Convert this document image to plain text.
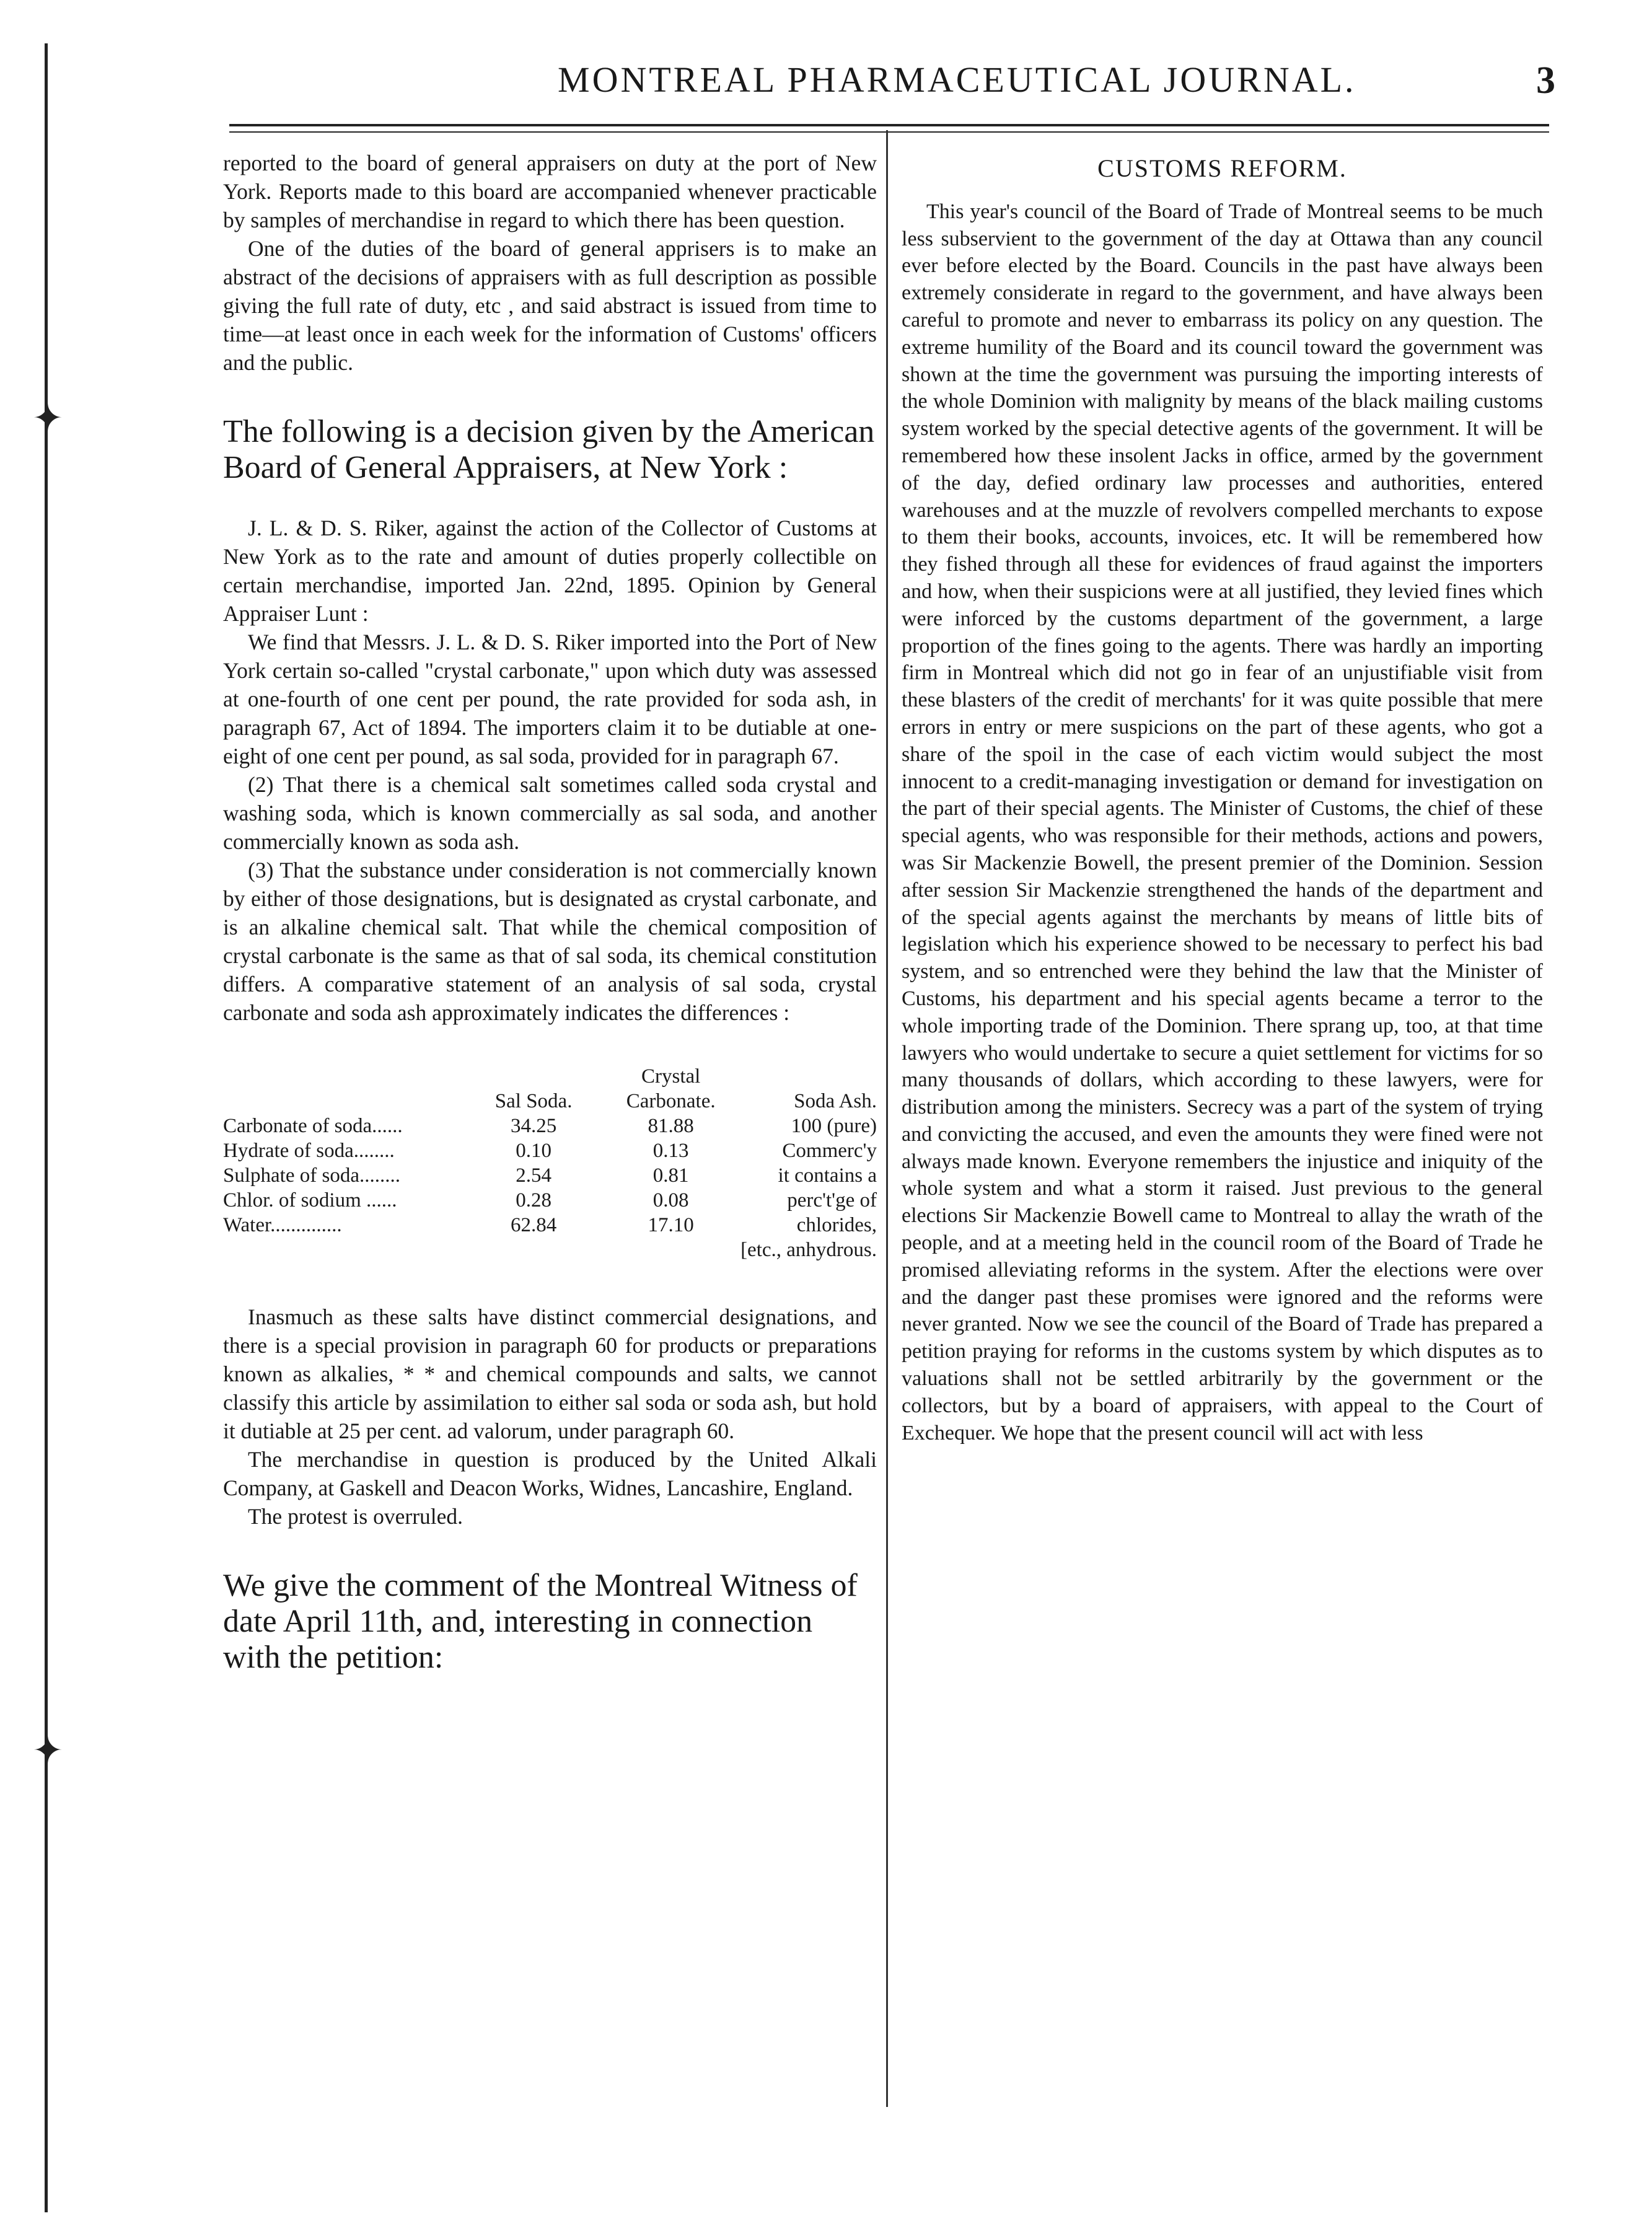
✦
✦
MONTREAL PHARMACEUTICAL JOURNAL.	3

reported to the board of general appraisers on duty at the port of New York. Reports made to this board are accompanied whenever practicable by samples of merchandise in regard to which there has been question.

One of the duties of the board of general apprisers is to make an abstract of the decisions of appraisers with as full description as possible giving the full rate of duty, etc , and said abstract is issued from time to time—at least once in each week for the information of Customs' officers and the public.

The following is a decision given by the American Board of General Appraisers, at New York :

J. L. & D. S. Riker, against the action of the Collector of Customs at New York as to the rate and amount of duties properly collectible on certain merchandise, imported Jan. 22nd, 1895. Opinion by General Appraiser Lunt :

We find that Messrs. J. L. & D. S. Riker imported into the Port of New York certain so-called "crystal carbonate," upon which duty was assessed at one-fourth of one cent per pound, the rate provided for soda ash, in paragraph 67, Act of 1894. The importers claim it to be dutiable at one-eight of one cent per pound, as sal soda, provided for in paragraph 67.

(2) That there is a chemical salt sometimes called soda crystal and washing soda, which is known commercially as sal soda, and another commercially known as soda ash.

(3) That the substance under consideration is not commercially known by either of those designations, but is designated as crystal carbonate, and is an alkaline chemical salt. That while the chemical composition of crystal carbonate is the same as that of sal soda, its chemical constitution differs. A comparative statement of an analysis of sal soda, crystal carbonate and soda ash approximately indicates the differences :

	Sal Soda.	Crystal Carbonate.	Soda Ash.
Carbonate of soda......	34.25	81.88	100 (pure)
Hydrate of soda........	0.10	0.13	Commerc'y
Sulphate of soda........	2.54	0.81	it contains a
Chlor. of sodium ......	0.28	0.08	perc't'ge of
Water..............	62.84	17.10	chlorides,
			[etc., anhydrous.

Inasmuch as these salts have distinct commercial designations, and there is a special provision in paragraph 60 for products or preparations known as alkalies, * * and chemical compounds and salts, we cannot classify this article by assimilation to either sal soda or soda ash, but hold it dutiable at 25 per cent. ad valorum, under paragraph 60.

The merchandise in question is produced by the United Alkali Company, at Gaskell and Deacon Works, Widnes, Lancashire, England.

The protest is overruled.

We give the comment of the Montreal Witness of date April 11th, and, interesting in connection with the petition:

CUSTOMS REFORM.

This year's council of the Board of Trade of Montreal seems to be much less subservient to the government of the day at Ottawa than any council ever before elected by the Board. Councils in the past have always been extremely considerate in regard to the government, and have always been careful to promote and never to embarrass its policy on any question. The extreme humility of the Board and its council toward the government was shown at the time the government was pursuing the importing interests of the whole Dominion with malignity by means of the black mailing customs system worked by the special detective agents of the government. It will be remembered how these insolent Jacks in office, armed by the government of the day, defied ordinary law processes and authorities, entered warehouses and at the muzzle of revolvers compelled merchants to expose to them their books, accounts, invoices, etc. It will be remembered how they fished through all these for evidences of fraud against the importers and how, when their suspicions were at all justified, they levied fines which were inforced by the customs department of the government, a large proportion of the fines going to the agents. There was hardly an importing firm in Montreal which did not go in fear of an unjustifiable visit from these blasters of the credit of merchants' for it was quite possible that mere errors in entry or mere suspicions on the part of these agents, who got a share of the spoil in the case of each victim would subject the most innocent to a credit-managing investigation or demand for investigation on the part of their special agents. The Minister of Customs, the chief of these special agents, who was responsible for their methods, actions and powers, was Sir Mackenzie Bowell, the present premier of the Dominion. Session after session Sir Mackenzie strengthened the hands of the department and of the special agents against the merchants by means of little bits of legislation which his experience showed to be necessary to perfect his bad system, and so entrenched were they behind the law that the Minister of Customs, his department and his special agents became a terror to the whole importing trade of the Dominion. There sprang up, too, at that time lawyers who would undertake to secure a quiet settlement for victims for so many thousands of dollars, which according to these lawyers, were for distribution among the ministers. Secrecy was a part of the system of trying and convicting the accused, and even the amounts they were fined were not always made known. Everyone remembers the injustice and iniquity of the whole system and what a storm it raised. Just previous to the general elections Sir Mackenzie Bowell came to Montreal to allay the wrath of the people, and at a meeting held in the council room of the Board of Trade he promised alleviating reforms in the system. After the elections were over and the danger past these promises were ignored and the reforms were never granted. Now we see the council of the Board of Trade has prepared a petition praying for reforms in the customs system by which disputes as to valuations shall not be settled arbitrarily by the government or the collectors, but by a board of appraisers, with appeal to the Court of Exchequer. We hope that the present council will act with less
